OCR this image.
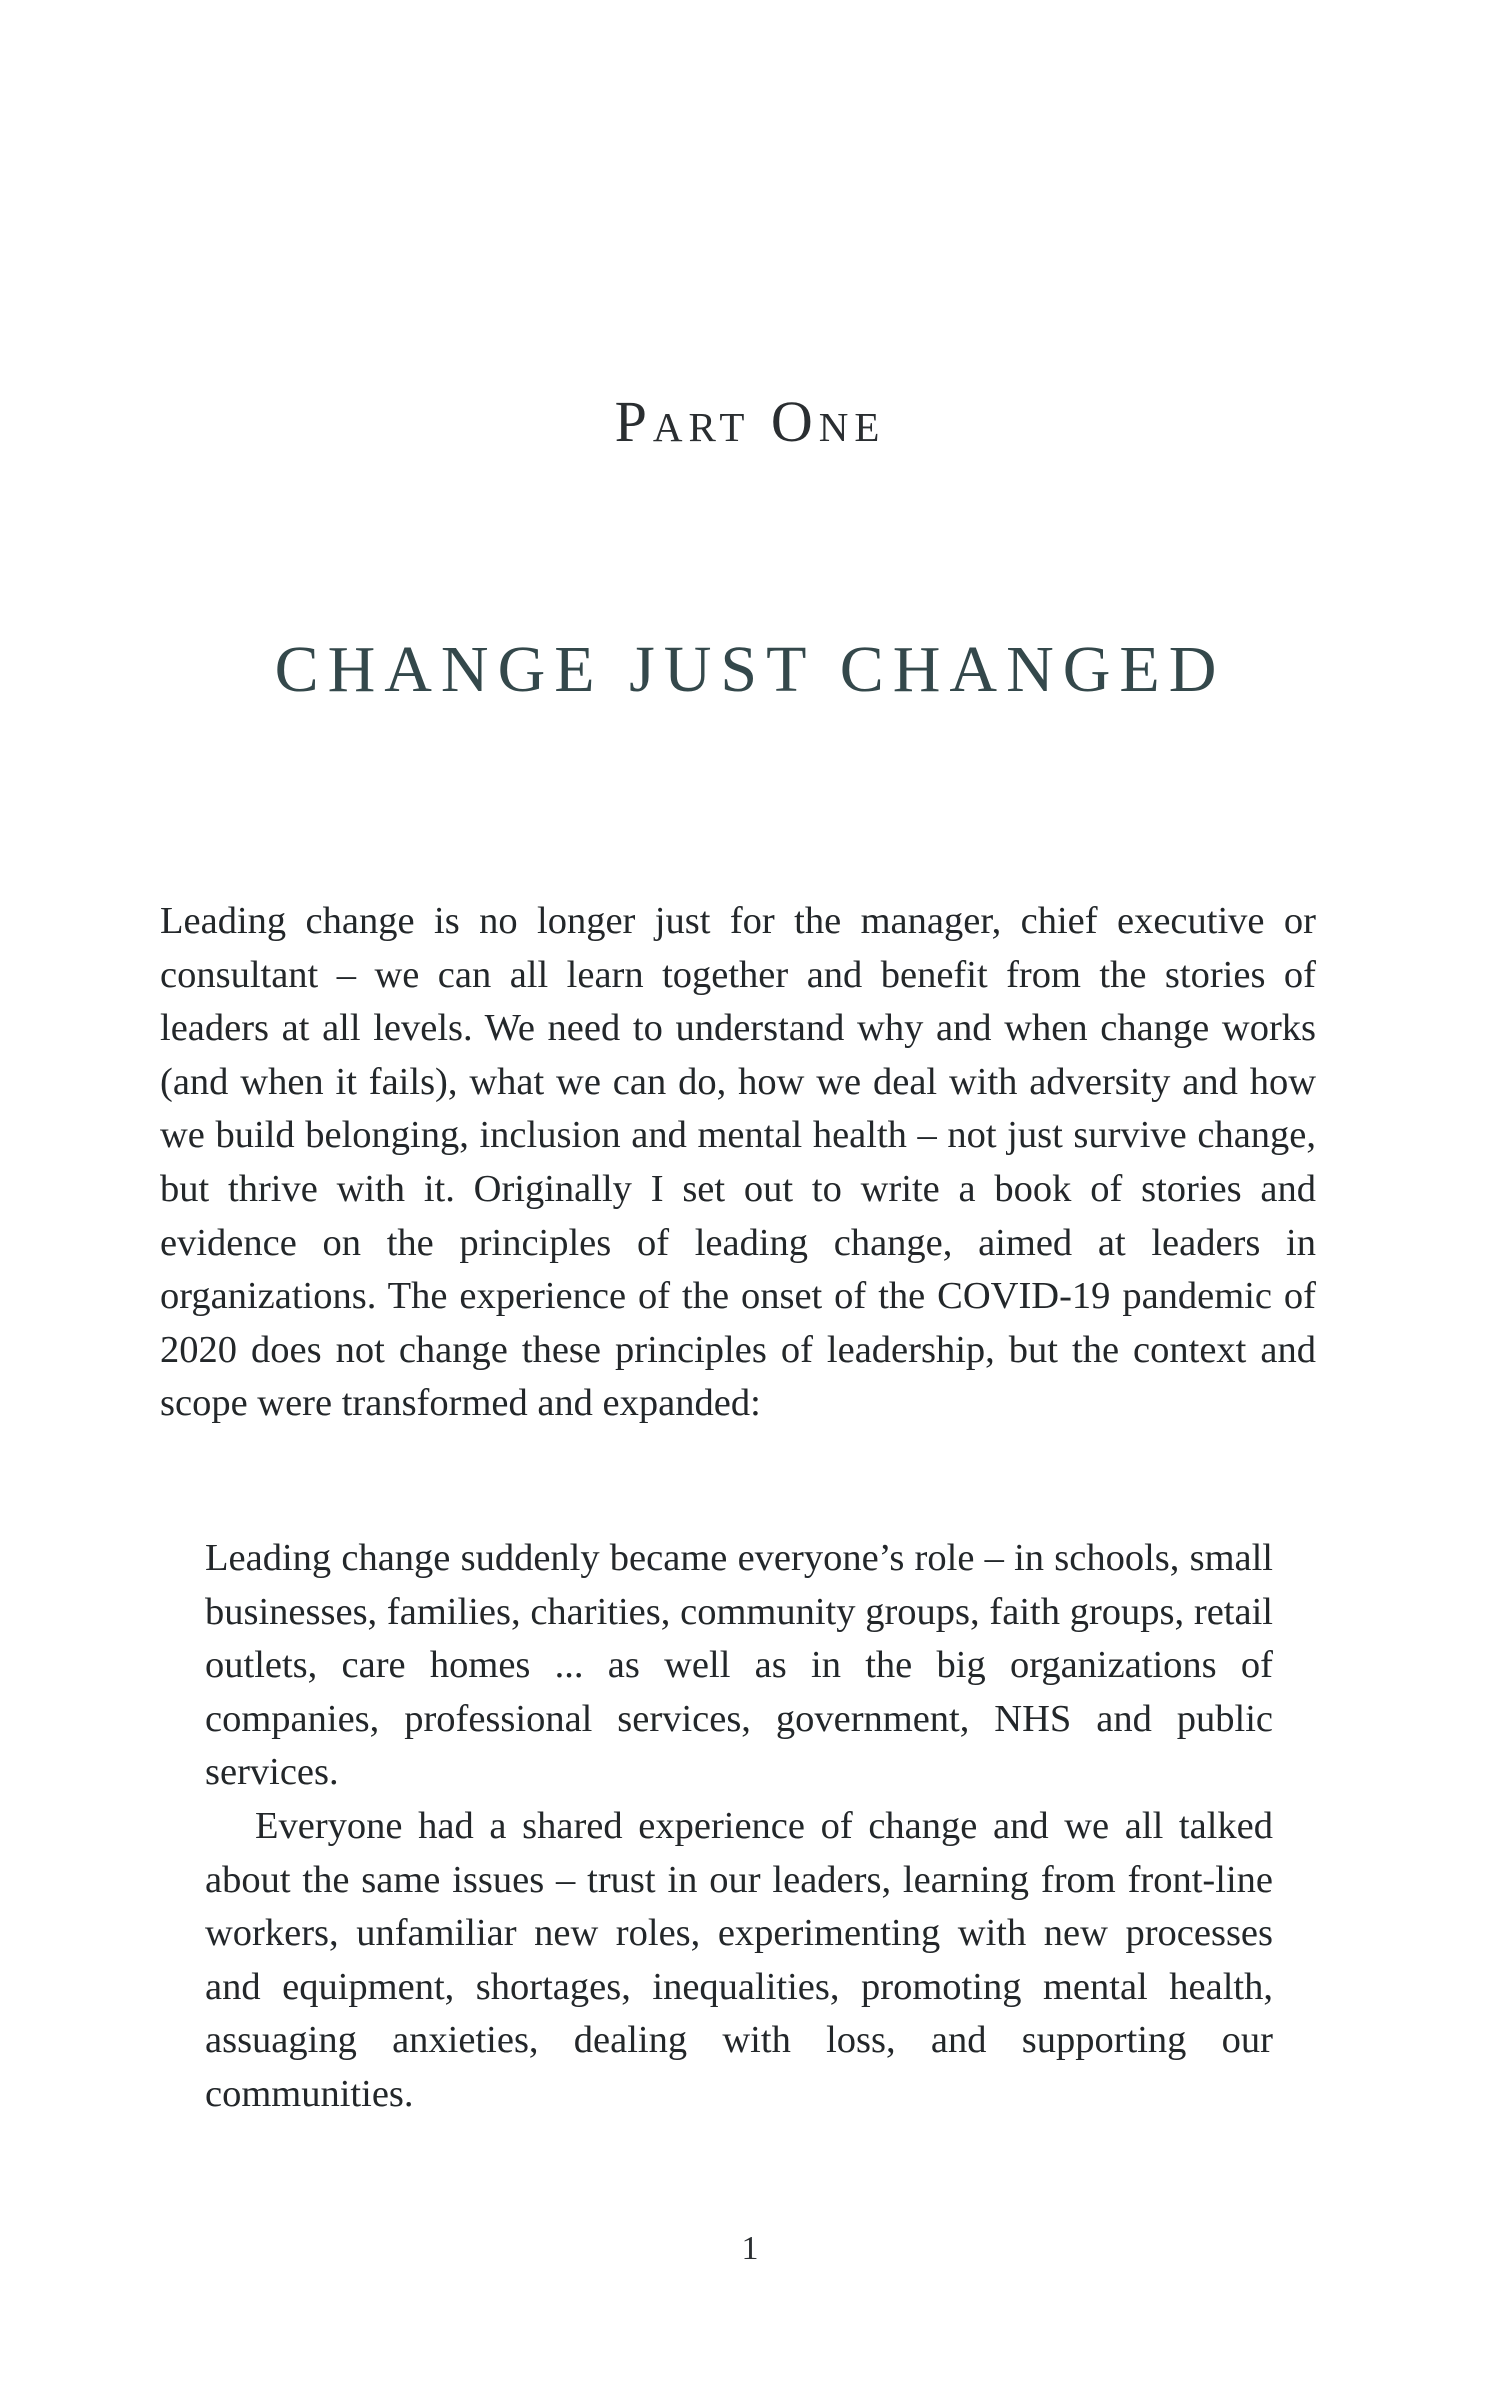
Part One
CHANGE JUST CHANGED

Leading change is no longer just for the manager, chief executive or consultant – we can all learn together and benefit from the stories of leaders at all levels. We need to understand why and when change works (and when it fails), what we can do, how we deal with adversity and how we build belonging, inclusion and mental health – not just survive change, but thrive with it. Originally I set out to write a book of stories and evidence on the principles of leading change, aimed at leaders in organizations. The experience of the onset of the COVID-19 pandemic of 2020 does not change these principles of leadership, but the context and scope were transformed and expanded:

Leading change suddenly became everyone’s role – in schools, small businesses, families, charities, community groups, faith groups, retail outlets, care homes ... as well as in the big organizations of companies, professional services, government, NHS and public services.

Everyone had a shared experience of change and we all talked about the same issues – trust in our leaders, learning from front-line workers, unfamiliar new roles, experimenting with new processes and equipment, shortages, inequalities, promoting mental health, assuaging anxieties, dealing with loss, and supporting our communities.

1
